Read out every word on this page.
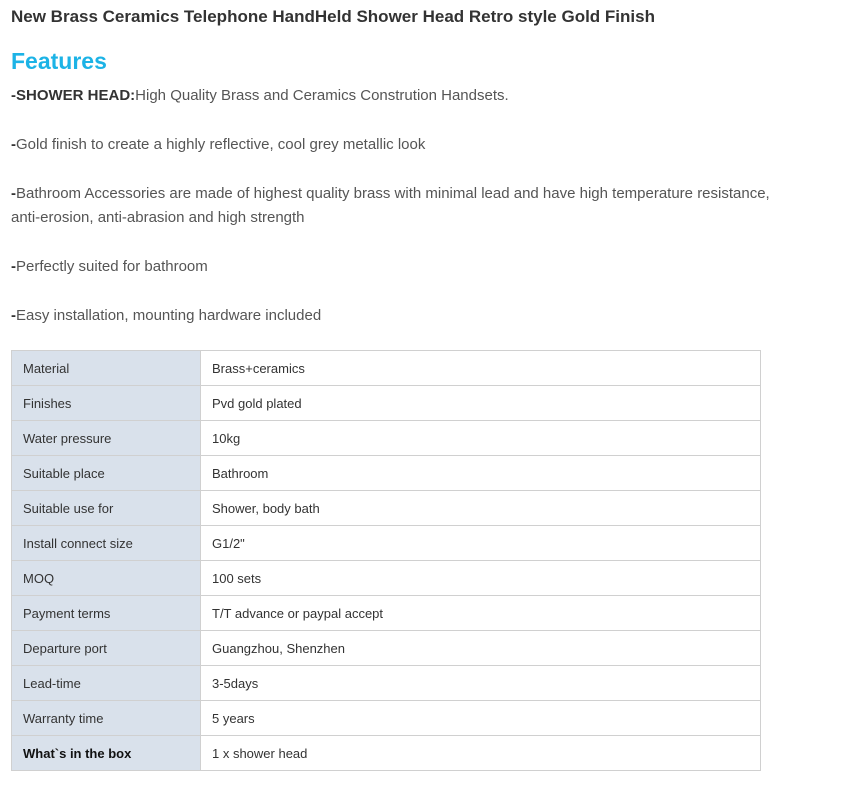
New Brass Ceramics Telephone HandHeld Shower Head Retro style Gold Finish
Features

-SHOWER HEAD:High Quality Brass and Ceramics Constrution Handsets.

-Gold finish to create a highly reflective, cool grey metallic look

-Bathroom Accessories are made of highest quality brass with minimal lead and have high temperature resistance, anti-erosion, anti-abrasion and high strength

-Perfectly suited for bathroom

-Easy installation, mounting hardware included

Material	Brass+ceramics
Finishes	Pvd gold plated
Water pressure	10kg
Suitable place	Bathroom
Suitable use for	Shower, body bath
Install connect size	G1/2"
MOQ	100 sets
Payment terms	T/T advance or paypal accept
Departure port	Guangzhou, Shenzhen
Lead-time	3-5days
Warranty time	5 years
What`s in the box	1 x shower head
